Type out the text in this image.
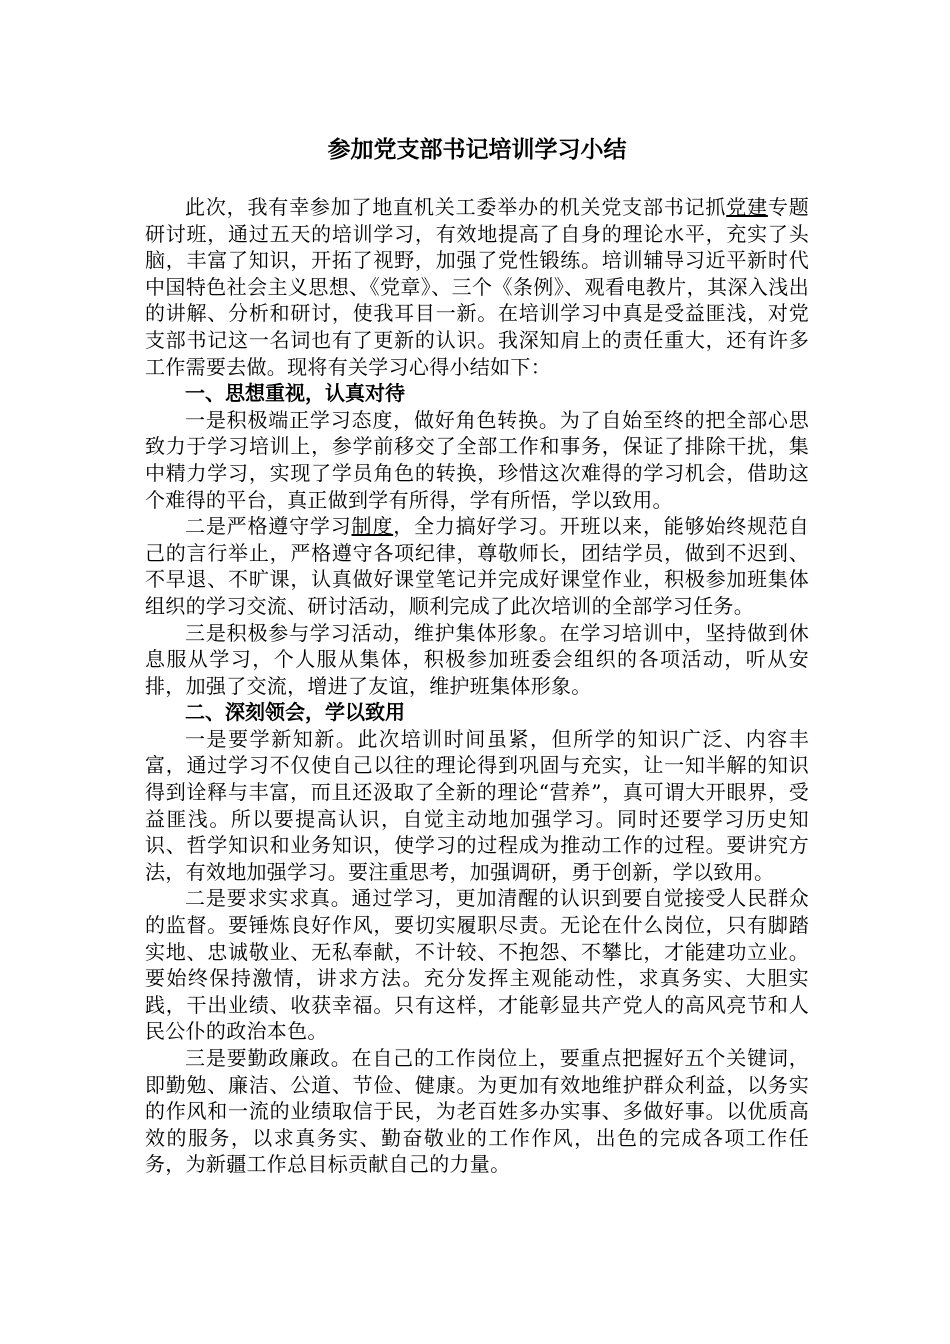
参加党支部书记培训学习小结

此次，我有幸参加了地直机关工委举办的机关党支部书记抓党建专题研讨班，通过五天的培训学习，有效地提高了自身的理论水平，充实了头脑，丰富了知识，开拓了视野，加强了党性锻练。培训辅导习近平新时代中国特色社会主义思想、《党章》、三个《条例》、观看电教片，其深入浅出的讲解、分析和研讨，使我耳目一新。在培训学习中真是受益匪浅，对党支部书记这一名词也有了更新的认识。我深知肩上的责任重大，还有许多工作需要去做。现将有关学习心得小结如下：

一、思想重视，认真对待

一是积极端正学习态度，做好角色转换。为了自始至终的把全部心思致力于学习培训上，参学前移交了全部工作和事务，保证了排除干扰，集中精力学习，实现了学员角色的转换，珍惜这次难得的学习机会，借助这个难得的平台，真正做到学有所得，学有所悟，学以致用。

二是严格遵守学习制度，全力搞好学习。开班以来，能够始终规范自己的言行举止，严格遵守各项纪律，尊敬师长，团结学员，做到不迟到、不早退、不旷课，认真做好课堂笔记并完成好课堂作业，积极参加班集体组织的学习交流、研讨活动，顺利完成了此次培训的全部学习任务。

三是积极参与学习活动，维护集体形象。在学习培训中，坚持做到休息服从学习，个人服从集体，积极参加班委会组织的各项活动，听从安排，加强了交流，增进了友谊，维护班集体形象。

二、深刻领会，学以致用

一是要学新知新。此次培训时间虽紧，但所学的知识广泛、内容丰富，通过学习不仅使自己以往的理论得到巩固与充实，让一知半解的知识得到诠释与丰富，而且还汲取了全新的理论“营养”，真可谓大开眼界，受益匪浅。所以要提高认识，自觉主动地加强学习。同时还要学习历史知识、哲学知识和业务知识，使学习的过程成为推动工作的过程。要讲究方法，有效地加强学习。要注重思考，加强调研，勇于创新，学以致用。

二是要求实求真。通过学习，更加清醒的认识到要自觉接受人民群众的监督。要锤炼良好作风，要切实履职尽责。无论在什么岗位，只有脚踏实地、忠诚敬业、无私奉献，不计较、不抱怨、不攀比，才能建功立业。要始终保持激情，讲求方法。充分发挥主观能动性，求真务实、大胆实践，干出业绩、收获幸福。只有这样，才能彰显共产党人的高风亮节和人民公仆的政治本色。

三是要勤政廉政。在自己的工作岗位上，要重点把握好五个关键词，即勤勉、廉洁、公道、节俭、健康。为更加有效地维护群众利益，以务实的作风和一流的业绩取信于民，为老百姓多办实事、多做好事。以优质高效的服务，以求真务实、勤奋敬业的工作作风，出色的完成各项工作任务，为新疆工作总目标贡献自己的力量。
